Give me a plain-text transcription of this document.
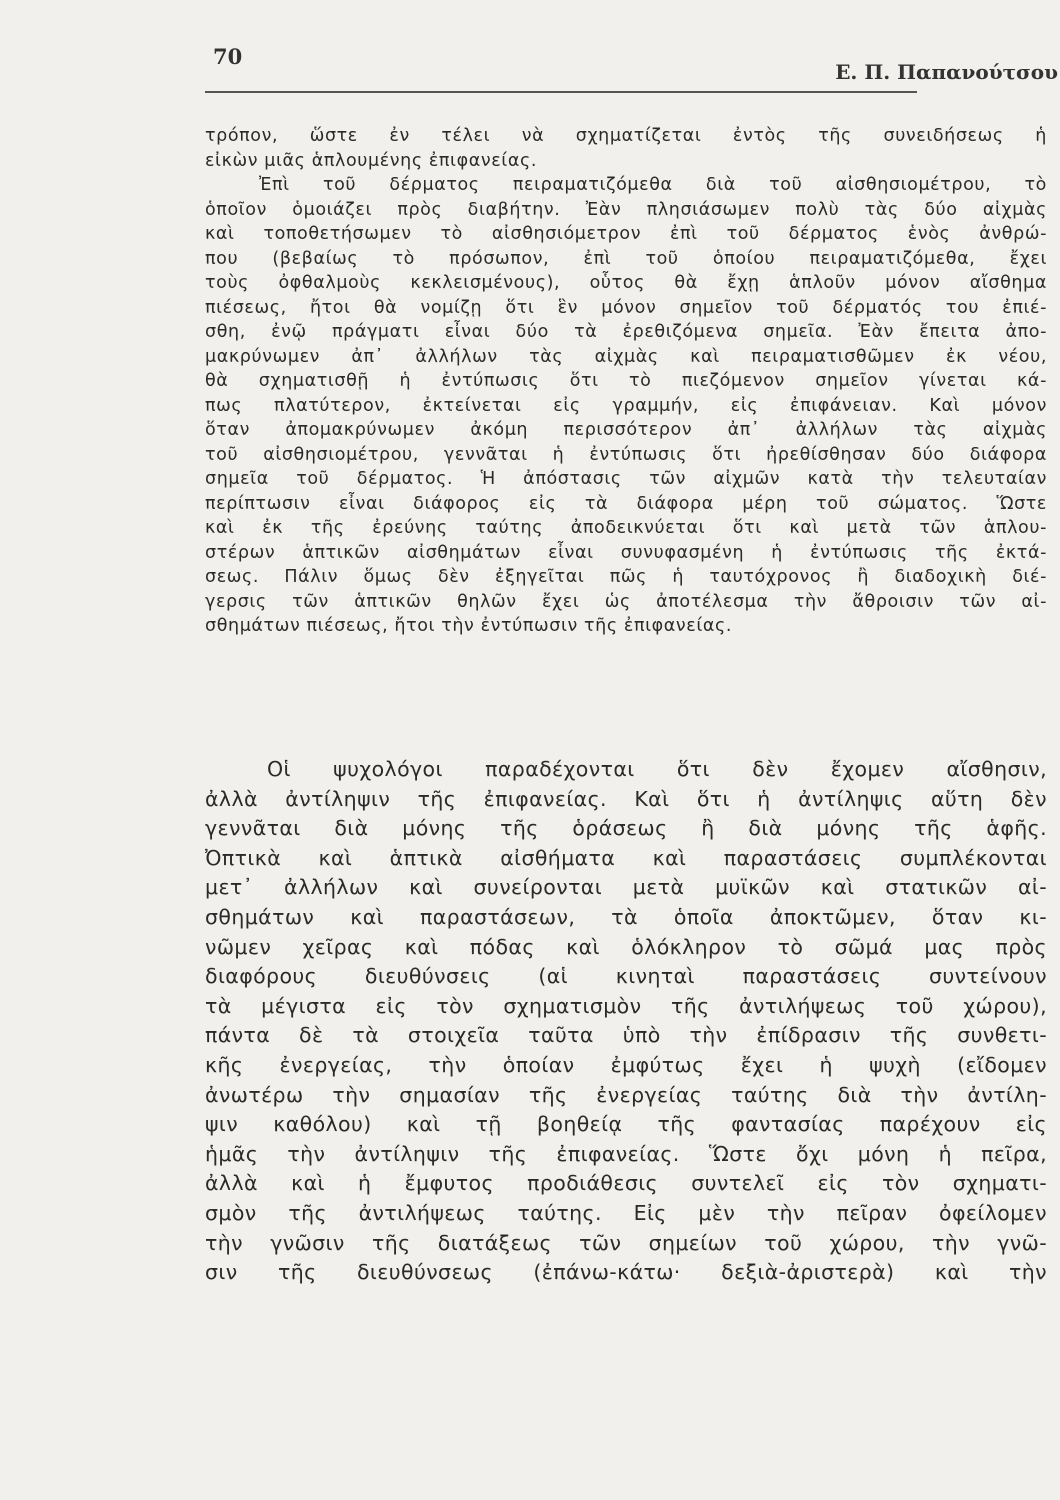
70
Ε. Π. Παπανούτσου
τρόπον, ὥστε ἐν τέλει νὰ σχηματίζεται ἐντὸς τῆς συνειδήσεως ἡ
εἰκὼν μιᾶς ἁπλουμένης ἐπιφανείας.
Ἐπὶ τοῦ δέρματος πειραματιζόμεθα διὰ τοῦ αἰσθησιομέτρου, τὸ
ὁποῖον ὁμοιάζει πρὸς διαβήτην. Ἐὰν πλησιάσωμεν πολὺ τὰς δύο αἰχμὰς
καὶ τοποθετήσωμεν τὸ αἰσθησιόμετρον ἐπὶ τοῦ δέρματος ἑνὸς ἀνθρώ-
που (βεβαίως τὸ πρόσωπον, ἐπὶ τοῦ ὁποίου πειραματιζόμεθα, ἔχει
τοὺς ὀφθαλμοὺς κεκλεισμένους), οὗτος θὰ ἔχῃ ἁπλοῦν μόνον αἴσθημα
πιέσεως, ἤτοι θὰ νομίζῃ ὅτι ἓν μόνον σημεῖον τοῦ δέρματός του ἐπιέ-
σθη, ἐνῷ πράγματι εἶναι δύο τὰ ἐρεθιζόμενα σημεῖα. Ἐὰν ἔπειτα ἀπο-
μακρύνωμεν ἀπ᾽ ἀλλήλων τὰς αἰχμὰς καὶ πειραματισθῶμεν ἐκ νέου,
θὰ σχηματισθῇ ἡ ἐντύπωσις ὅτι τὸ πιεζόμενον σημεῖον γίνεται κά-
πως πλατύτερον, ἐκτείνεται εἰς γραμμήν, εἰς ἐπιφάνειαν. Καὶ μόνον
ὅταν ἀπομακρύνωμεν ἀκόμη περισσότερον ἀπ᾽ ἀλλήλων τὰς αἰχμὰς
τοῦ αἰσθησιομέτρου, γεννᾶται ἡ ἐντύπωσις ὅτι ἠρεθίσθησαν δύο διάφορα
σημεῖα τοῦ δέρματος. Ἡ ἀπόστασις τῶν αἰχμῶν κατὰ τὴν τελευταίαν
περίπτωσιν εἶναι διάφορος εἰς τὰ διάφορα μέρη τοῦ σώματος. Ὥστε
καὶ ἐκ τῆς ἐρεύνης ταύτης ἀποδεικνύεται ὅτι καὶ μετὰ τῶν ἁπλου-
στέρων ἁπτικῶν αἰσθημάτων εἶναι συνυφασμένη ἡ ἐντύπωσις τῆς ἐκτά-
σεως. Πάλιν ὅμως δὲν ἐξηγεῖται πῶς ἡ ταυτόχρονος ἢ διαδοχικὴ διέ-
γερσις τῶν ἁπτικῶν θηλῶν ἔχει ὡς ἀποτέλεσμα τὴν ἄθροισιν τῶν αἰ-
σθημάτων πιέσεως, ἤτοι τὴν ἐντύπωσιν τῆς ἐπιφανείας.
Οἱ ψυχολόγοι παραδέχονται ὅτι δὲν ἔχομεν αἴσθησιν,
ἀλλὰ ἀντίληψιν τῆς ἐπιφανείας. Καὶ ὅτι ἡ ἀντίληψις αὕτη δὲν
γεννᾶται διὰ μόνης τῆς ὁράσεως ἢ διὰ μόνης τῆς ἁφῆς.
Ὀπτικὰ καὶ ἁπτικὰ αἰσθήματα καὶ παραστάσεις συμπλέκονται
μετ᾽ ἀλλήλων καὶ συνείρονται μετὰ μυϊκῶν καὶ στατικῶν αἰ-
σθημάτων καὶ παραστάσεων, τὰ ὁποῖα ἀποκτῶμεν, ὅταν κι-
νῶμεν χεῖρας καὶ πόδας καὶ ὁλόκληρον τὸ σῶμά μας πρὸς
διαφόρους διευθύνσεις (αἱ κινηταὶ παραστάσεις συντείνουν
τὰ μέγιστα εἰς τὸν σχηματισμὸν τῆς ἀντιλήψεως τοῦ χώρου),
πάντα δὲ τὰ στοιχεῖα ταῦτα ὑπὸ τὴν ἐπίδρασιν τῆς συνθετι-
κῆς ἐνεργείας, τὴν ὁποίαν ἐμφύτως ἔχει ἡ ψυχὴ (εἴδομεν
ἀνωτέρω τὴν σημασίαν τῆς ἐνεργείας ταύτης διὰ τὴν ἀντίλη-
ψιν καθόλου) καὶ τῇ βοηθείᾳ τῆς φαντασίας παρέχουν εἰς
ἡμᾶς τὴν ἀντίληψιν τῆς ἐπιφανείας. Ὥστε ὄχι μόνη ἡ πεῖρα,
ἀλλὰ καὶ ἡ ἔμφυτος προδιάθεσις συντελεῖ εἰς τὸν σχηματι-
σμὸν τῆς ἀντιλήψεως ταύτης. Εἰς μὲν τὴν πεῖραν ὀφείλομεν
τὴν γνῶσιν τῆς διατάξεως τῶν σημείων τοῦ χώρου, τὴν γνῶ-
σιν τῆς διευθύνσεως (ἐπάνω-κάτω· δεξιὰ-ἀριστερὰ) καὶ τὴν
